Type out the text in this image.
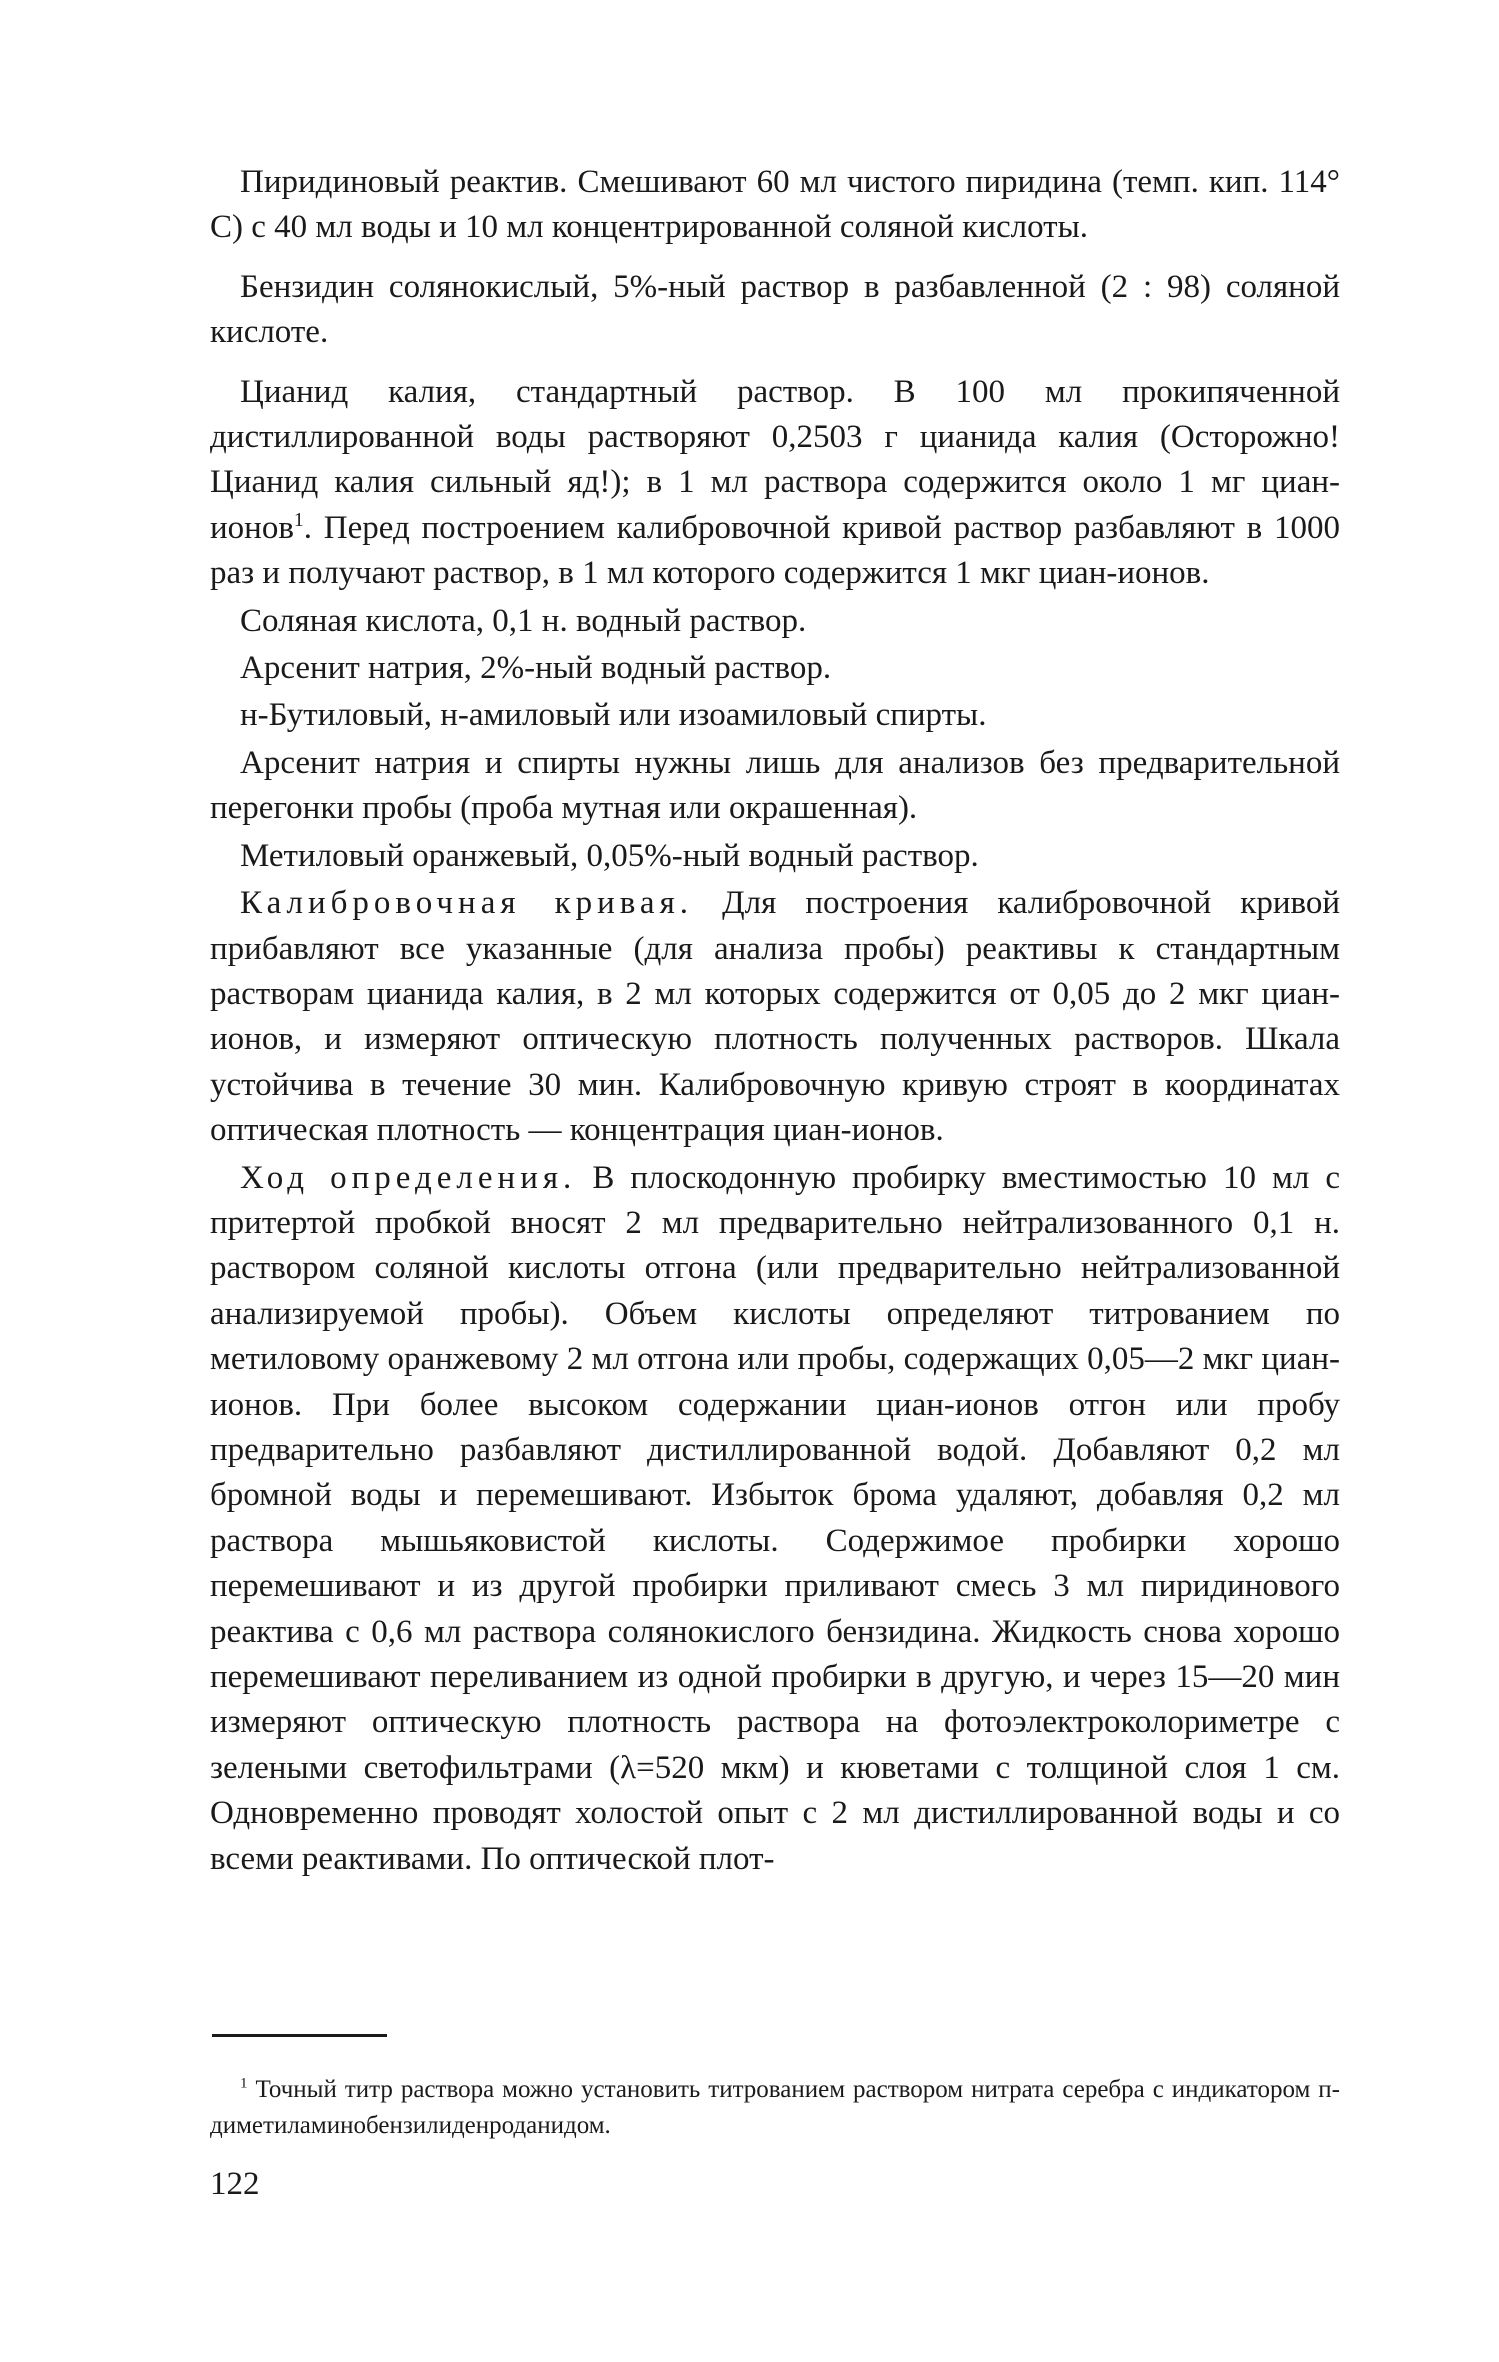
Пиридиновый реактив. Смешивают 60 мл чистого пиридина (темп. кип. 114° С) с 40 мл воды и 10 мл концентрированной соляной кислоты.

Бензидин солянокислый, 5%-ный раствор в разбавленной (2 : 98) соляной кислоте.

Цианид калия, стандартный раствор. В 100 мл прокипяченной дистиллированной воды растворяют 0,2503 г цианида калия (Осторожно! Цианид калия сильный яд!); в 1 мл раствора содержится около 1 мг циан-ионов$^1$. Перед построением калибровочной кривой раствор разбавляют в 1000 раз и получают раствор, в 1 мл которого содержится 1 мкг циан-ионов.

Соляная кислота, 0,1 н. водный раствор.

Арсенит натрия, 2%-ный водный раствор.

н-Бутиловый, н-амиловый или изоамиловый спирты.

Арсенит натрия и спирты нужны лишь для анализов без предварительной перегонки пробы (проба мутная или окрашенная).

Метиловый оранжевый, 0,05%-ный водный раствор.

Калибровочная кривая. Для построения калибровочной кривой прибавляют все указанные (для анализа пробы) реактивы к стандартным растворам цианида калия, в 2 мл которых содержится от 0,05 до 2 мкг циан-ионов, и измеряют оптическую плотность полученных растворов. Шкала устойчива в течение 30 мин. Калибровочную кривую строят в координатах оптическая плотность — концентрация циан-ионов.

Ход определения. В плоскодонную пробирку вместимостью 10 мл с притертой пробкой вносят 2 мл предварительно нейтрализованного 0,1 н. раствором соляной кислоты отгона (или предварительно нейтрализованной анализируемой пробы). Объем кислоты определяют титрованием по метиловому оранжевому 2 мл отгона или пробы, содержащих 0,05—2 мкг циан-ионов. При более высоком содержании циан-ионов отгон или пробу предварительно разбавляют дистиллированной водой. Добавляют 0,2 мл бромной воды и перемешивают. Избыток брома удаляют, добавляя 0,2 мл раствора мышьяковистой кислоты. Содержимое пробирки хорошо перемешивают и из другой пробирки приливают смесь 3 мл пиридинового реактива с 0,6 мл раствора солянокислого бензидина. Жидкость снова хорошо перемешивают переливанием из одной пробирки в другую, и через 15—20 мин измеряют оптическую плотность раствора на фотоэлектроколориметре с зелеными светофильтрами (λ=520 мкм) и кюветами с толщиной слоя 1 см. Одновременно проводят холостой опыт с 2 мл дистиллированной воды и со всеми реактивами. По оптической плот-

$^1$ Точный титр раствора можно установить титрованием раствором нитрата серебра с индикатором п-диметиламинобензилиденроданидом.

122
